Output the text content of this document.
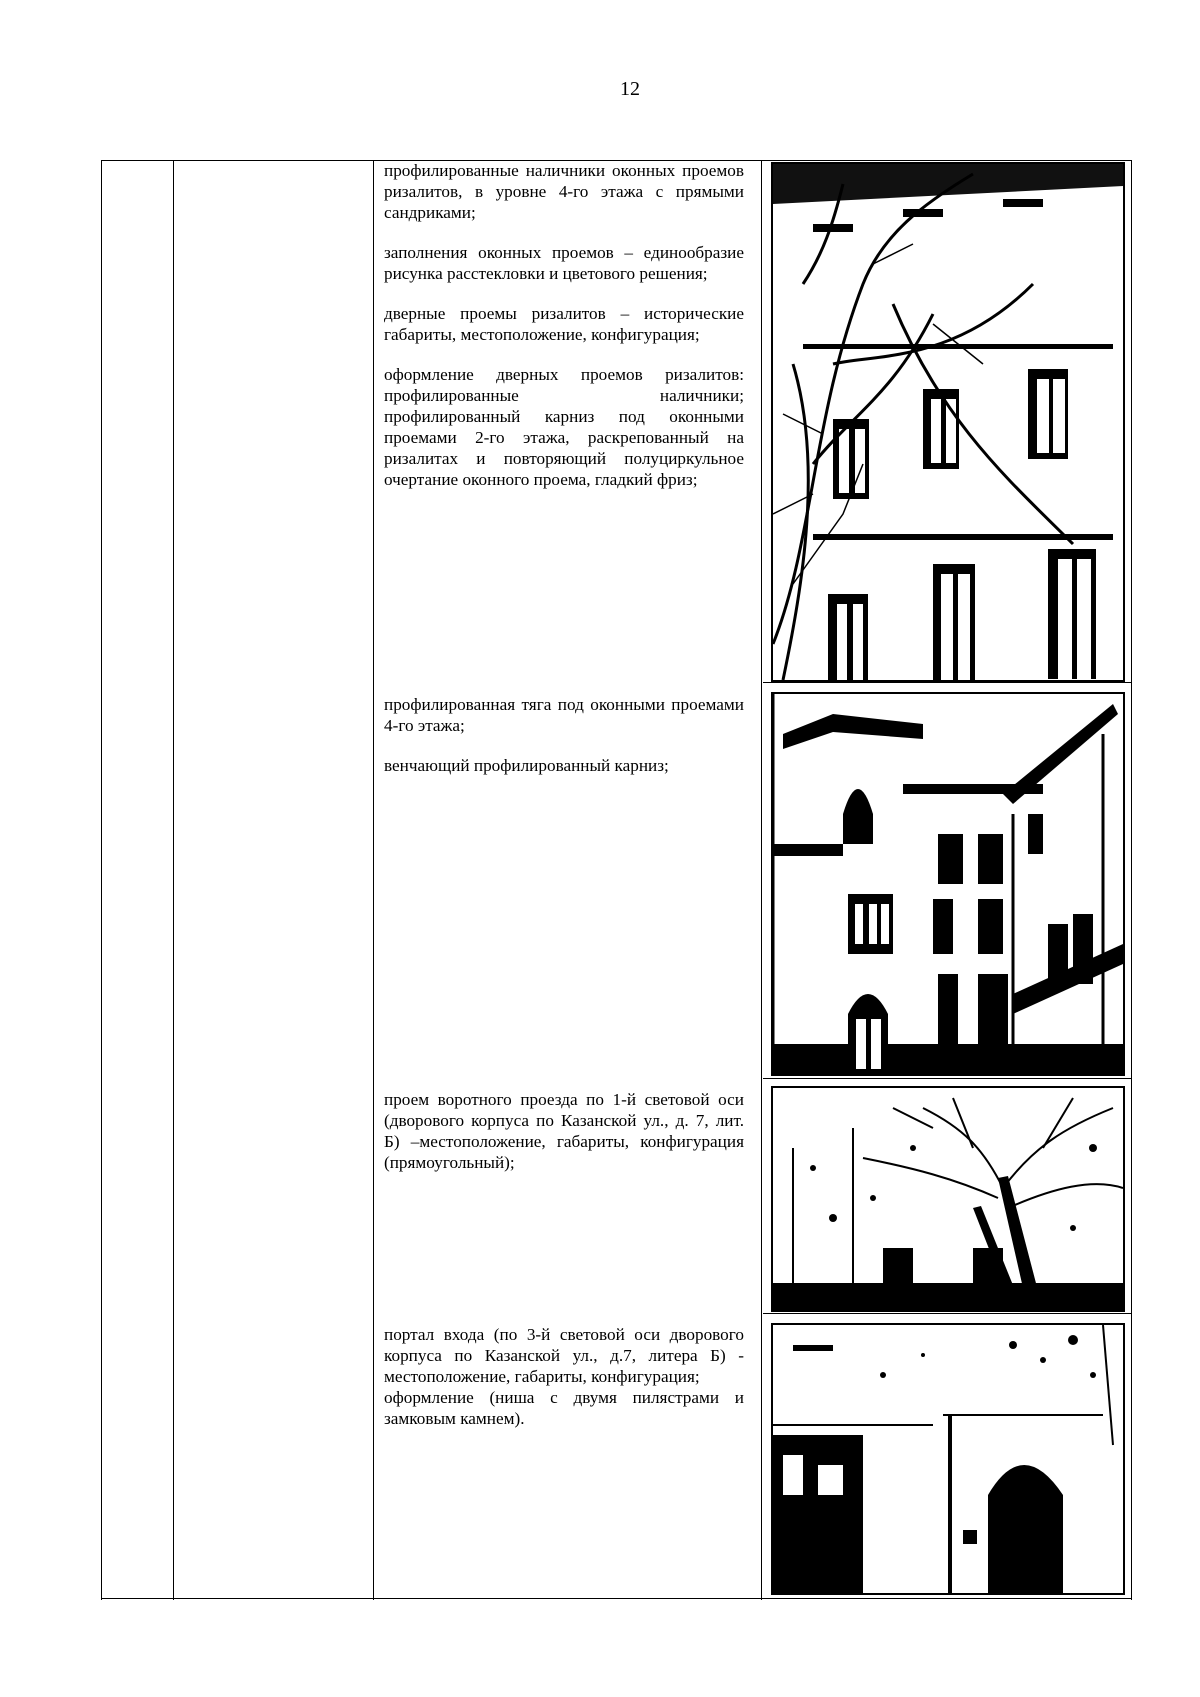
12

профилированные наличники оконных проемов ризалитов, в уровне 4-го этажа с прямыми сандриками;

заполнения оконных проемов – единообразие рисунка расстекловки и цветового решения;

дверные проемы ризалитов – исторические габариты, местоположение, конфигурация;

оформление дверных проемов ризалитов: профилированные наличники; профилированный карниз под оконными проемами 2-го этажа, раскрепованный на ризалитах и повторяющий полуциркульное очертание оконного проема, гладкий фриз;

профилированная тяга под оконными проемами 4-го этажа;

венчающий профилированный карниз;

проем воротного проезда по 1-й световой оси (дворового корпуса по Казанской ул., д. 7, лит. Б) –местоположение, габариты, конфигурация (прямоугольный);

портал входа (по 3-й световой оси дворового корпуса по Казанской ул., д.7, литера Б) - местоположение, габариты, конфигурация;

оформление (ниша с двумя пилястрами и замковым камнем).
